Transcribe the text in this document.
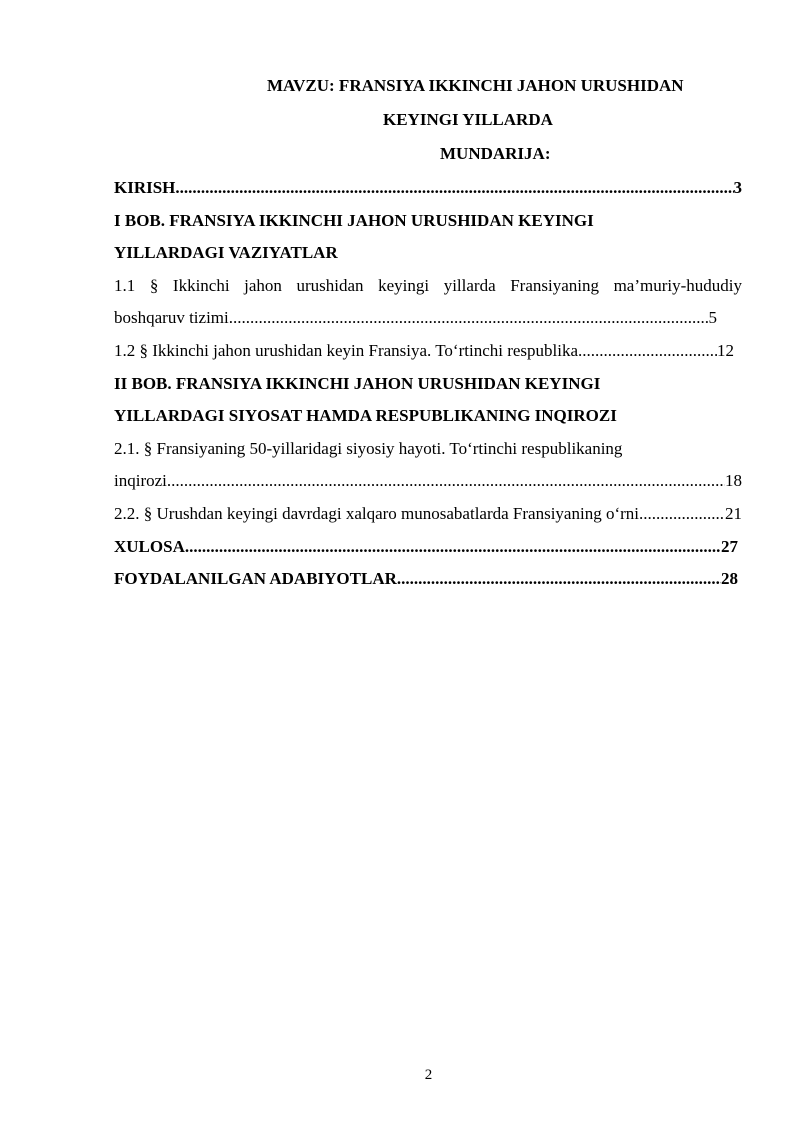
MAVZU: FRANSIYA IKKINCHI JAHON URUSHIDAN
KEYINGI YILLARDA
MUNDARIJA:
KIRISH .....	3
I BOB. FRANSIYA IKKINCHI JAHON URUSHIDAN KEYINGI
YILLARDAGI VAZIYATLAR
1.1 § Ikkinchi jahon urushidan keyingi yillarda Fransiyaning ma’muriy-hududiy
boshqaruv tizimi .....	5
1.2 § Ikkinchi jahon urushidan keyin Fransiya. To‘rtinchi respublika .....	12
II BOB. FRANSIYA IKKINCHI JAHON URUSHIDAN KEYINGI
YILLARDAGI SIYOSAT HAMDA RESPUBLIKANING INQIROZI
2.1. § Fransiyaning 50-yillaridagi siyosiy hayoti. To‘rtinchi respublikaning
inqirozi .....	18
2.2. § Urushdan keyingi davrdagi xalqaro munosabatlarda Fransiyaning o‘rni .....	21
XULOSA .....	27
FOYDALANILGAN ADABIYOTLAR .....	28
2
